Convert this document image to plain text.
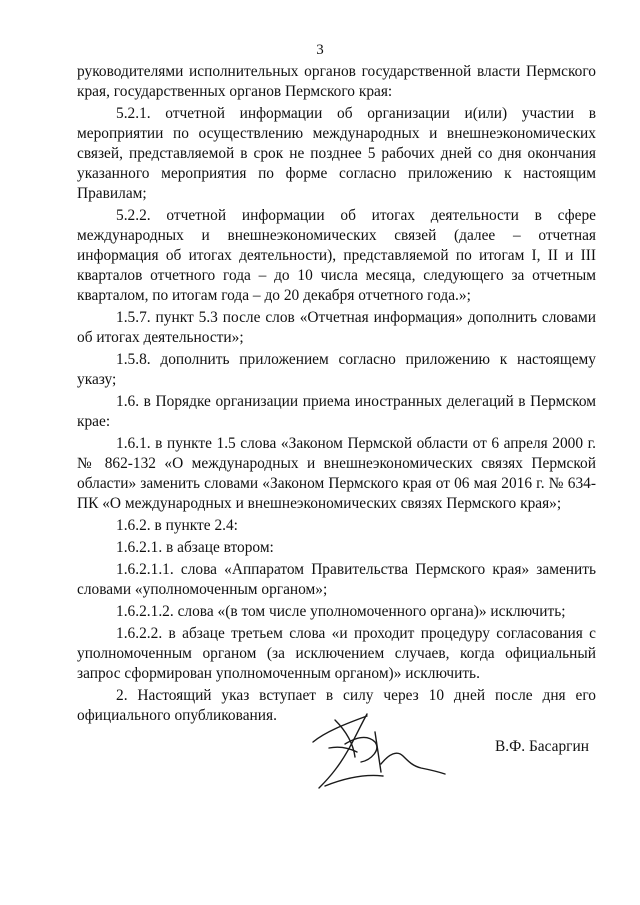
3

руководителями исполнительных органов государственной власти Пермского края, государственных органов Пермского края:

5.2.1. отчетной информации об организации и(или) участии в мероприятии по осуществлению международных и внешнеэкономических связей, представляемой в срок не позднее 5 рабочих дней со дня окончания указанного мероприятия по форме согласно приложению к настоящим Правилам;

5.2.2. отчетной информации об итогах деятельности в сфере международных и внешнеэкономических связей (далее – отчетная информация об итогах деятельности), представляемой по итогам I, II и III кварталов отчетного года – до 10 числа месяца, следующего за отчетным кварталом, по итогам года – до 20 декабря отчетного года.»;

1.5.7. пункт 5.3 после слов «Отчетная информация» дополнить словами об итогах деятельности»;

1.5.8. дополнить приложением согласно приложению к настоящему указу;

1.6. в Порядке организации приема иностранных делегаций в Пермском крае:

1.6.1. в пункте 1.5 слова «Законом Пермской области от 6 апреля 2000 г. № 862-132 «О международных и внешнеэкономических связях Пермской области» заменить словами «Законом Пермского края от 06 мая 2016 г. № 634-ПК «О международных и внешнеэкономических связях Пермского края»;

1.6.2. в пункте 2.4:

1.6.2.1. в абзаце втором:

1.6.2.1.1. слова «Аппаратом Правительства Пермского края» заменить словами «уполномоченным органом»;

1.6.2.1.2. слова «(в том числе уполномоченного органа)» исключить;

1.6.2.2. в абзаце третьем слова «и проходит процедуру согласования с уполномоченным органом (за исключением случаев, когда официальный запрос сформирован уполномоченным органом)» исключить.

2. Настоящий указ вступает в силу через 10 дней после дня его официального опубликования.

В.Ф. Басаргин
